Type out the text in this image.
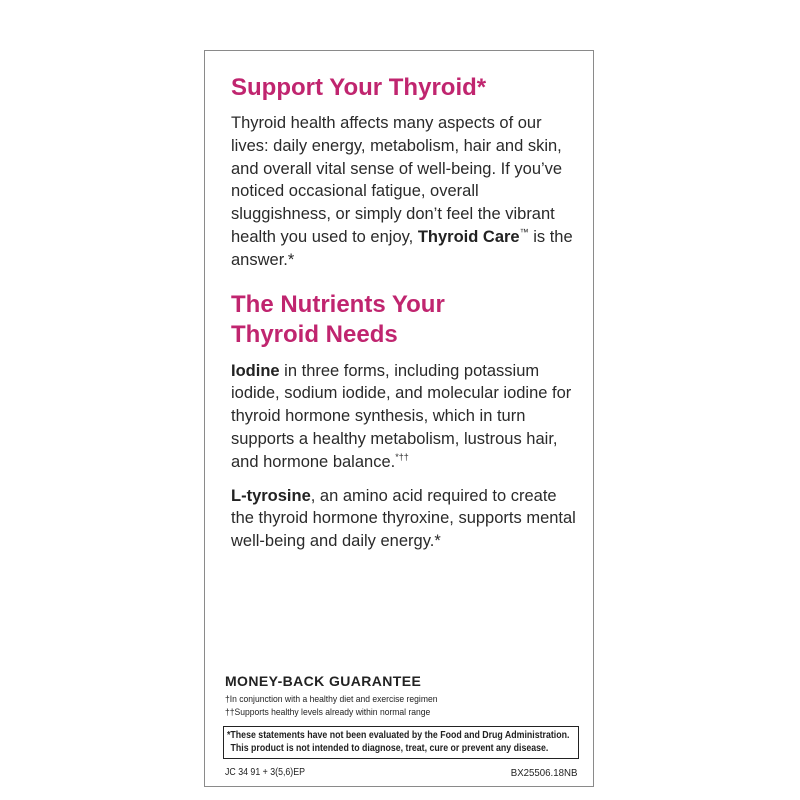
Support Your Thyroid*

Thyroid health affects many aspects of our lives: daily energy, metabolism, hair and skin, and overall vital sense of well-being. If you’ve noticed occasional fatigue, overall sluggishness, or simply don’t feel the vibrant health you used to enjoy, Thyroid Care™ is the answer.*

The Nutrients Your
Thyroid Needs

Iodine in three forms, including potassium iodide, sodium iodide, and molecular iodine for thyroid hormone synthesis, which in turn supports a healthy metabolism, lustrous hair, and hormone balance.*††

L-tyrosine, an amino acid required to create the thyroid hormone thyroxine, supports mental well-being and daily energy.*

MONEY-BACK GUARANTEE

†In conjunction with a healthy diet and exercise regimen

††Supports healthy levels already within normal range

*These statements have not been evaluated by the Food and Drug Administration.
This product is not intended to diagnose, treat, cure or prevent any disease.
JC 34 91 + 3(5,6)EP	BX25506.18NB
